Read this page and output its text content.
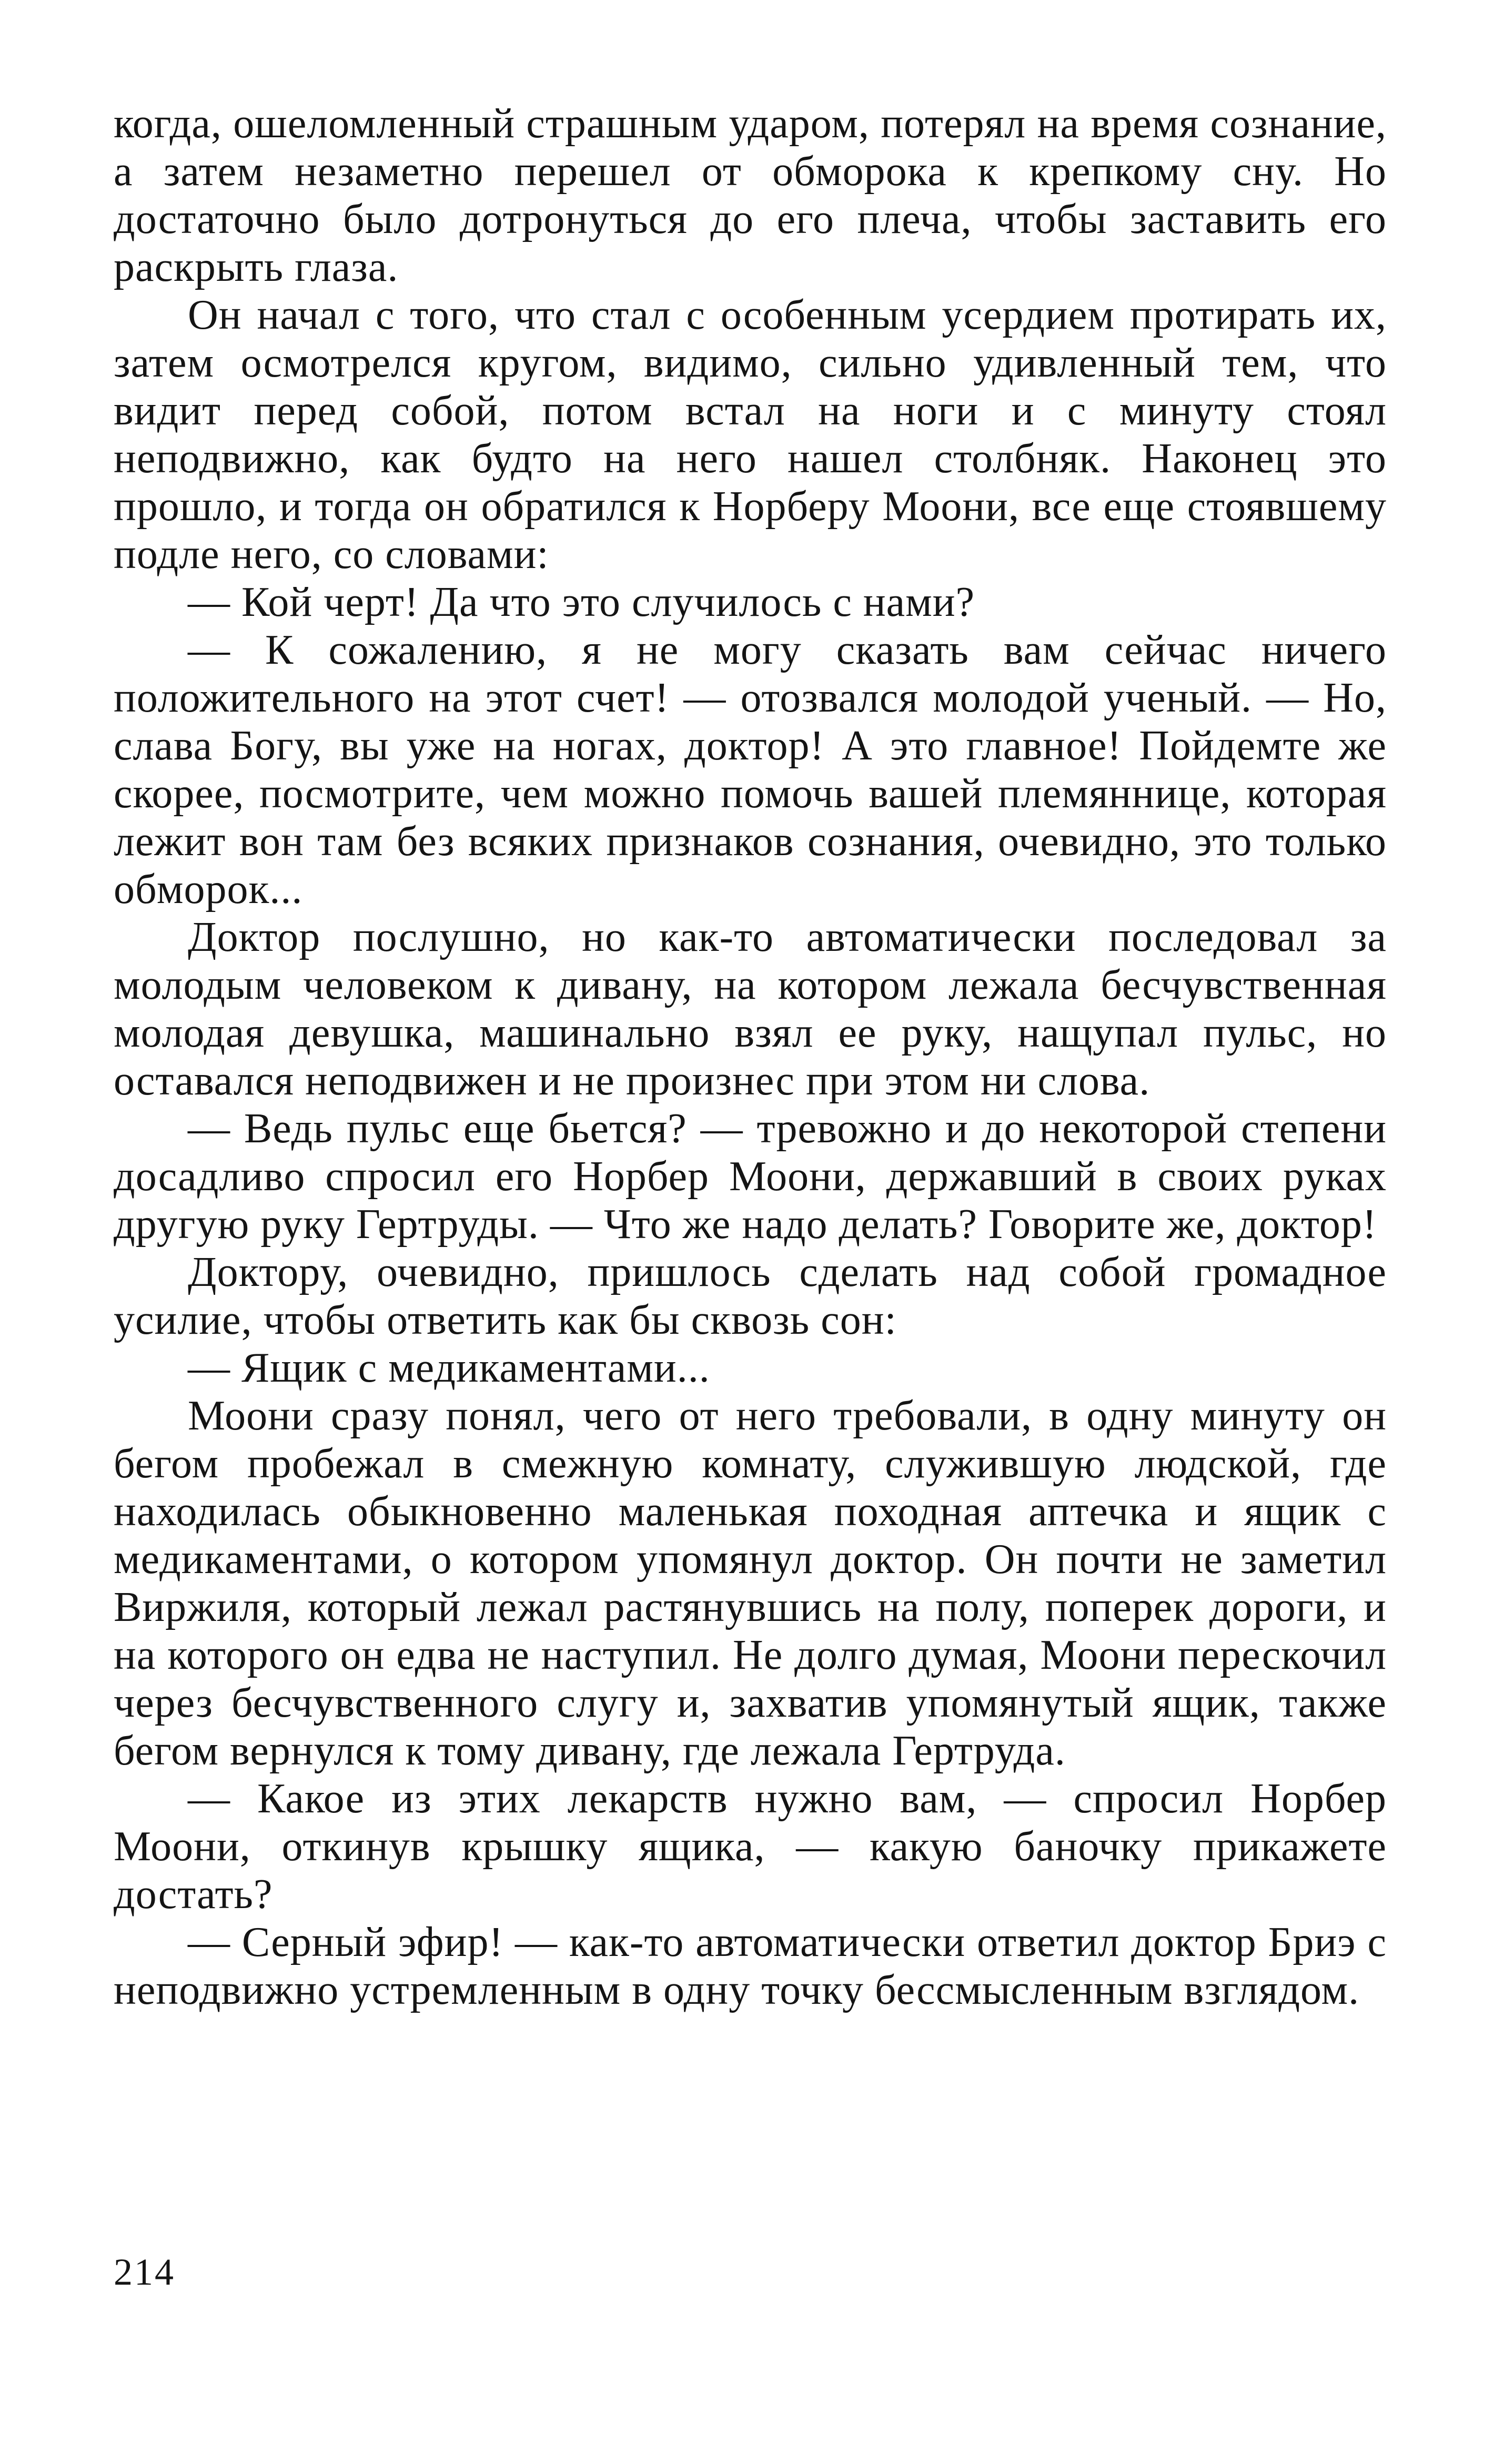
когда, ошеломленный страшным ударом, потерял на время сознание, а затем незаметно перешел от обморока к крепкому сну. Но достаточно было дотронуться до его плеча, чтобы заставить его раскрыть глаза.

Он начал с того, что стал с особенным усердием протирать их, затем осмотрелся кругом, видимо, сильно удивленный тем, что видит перед собой, потом встал на ноги и с минуту стоял неподвижно, как будто на него нашел столбняк. Наконец это прошло, и тогда он обратился к Норберу Моони, все еще стоявшему подле него, со словами:

— Кой черт! Да что это случилось с нами?

— К сожалению, я не могу сказать вам сейчас ничего положительного на этот счет! — отозвался молодой ученый. — Но, слава Богу, вы уже на ногах, доктор! А это главное! Пойдемте же скорее, посмотрите, чем можно помочь вашей племяннице, которая лежит вон там без всяких признаков сознания, очевидно, это только обморок...

Доктор послушно, но как-то автоматически последовал за молодым человеком к дивану, на котором лежала бесчувственная молодая девушка, машинально взял ее руку, нащупал пульс, но оставался неподвижен и не произнес при этом ни слова.

— Ведь пульс еще бьется? — тревожно и до некоторой степени досадливо спросил его Норбер Моони, державший в своих руках другую руку Гертруды. — Что же надо делать? Говорите же, доктор!

Доктору, очевидно, пришлось сделать над собой громадное усилие, чтобы ответить как бы сквозь сон:

— Ящик с медикаментами...

Моони сразу понял, чего от него требовали, в одну минуту он бегом пробежал в смежную комнату, служившую людской, где находилась обыкновенно маленькая походная аптечка и ящик с медикаментами, о котором упомянул доктор. Он почти не заметил Виржиля, который лежал растянувшись на полу, поперек дороги, и на которого он едва не наступил. Не долго думая, Моони перескочил через бесчувственного слугу и, захватив упомянутый ящик, также бегом вернулся к тому дивану, где лежала Гертруда.

— Какое из этих лекарств нужно вам, — спросил Норбер Моони, откинув крышку ящика, — какую баночку прикажете достать?

— Серный эфир! — как-то автоматически ответил доктор Бриэ с неподвижно устремленным в одну точку бессмысленным взглядом.

214
